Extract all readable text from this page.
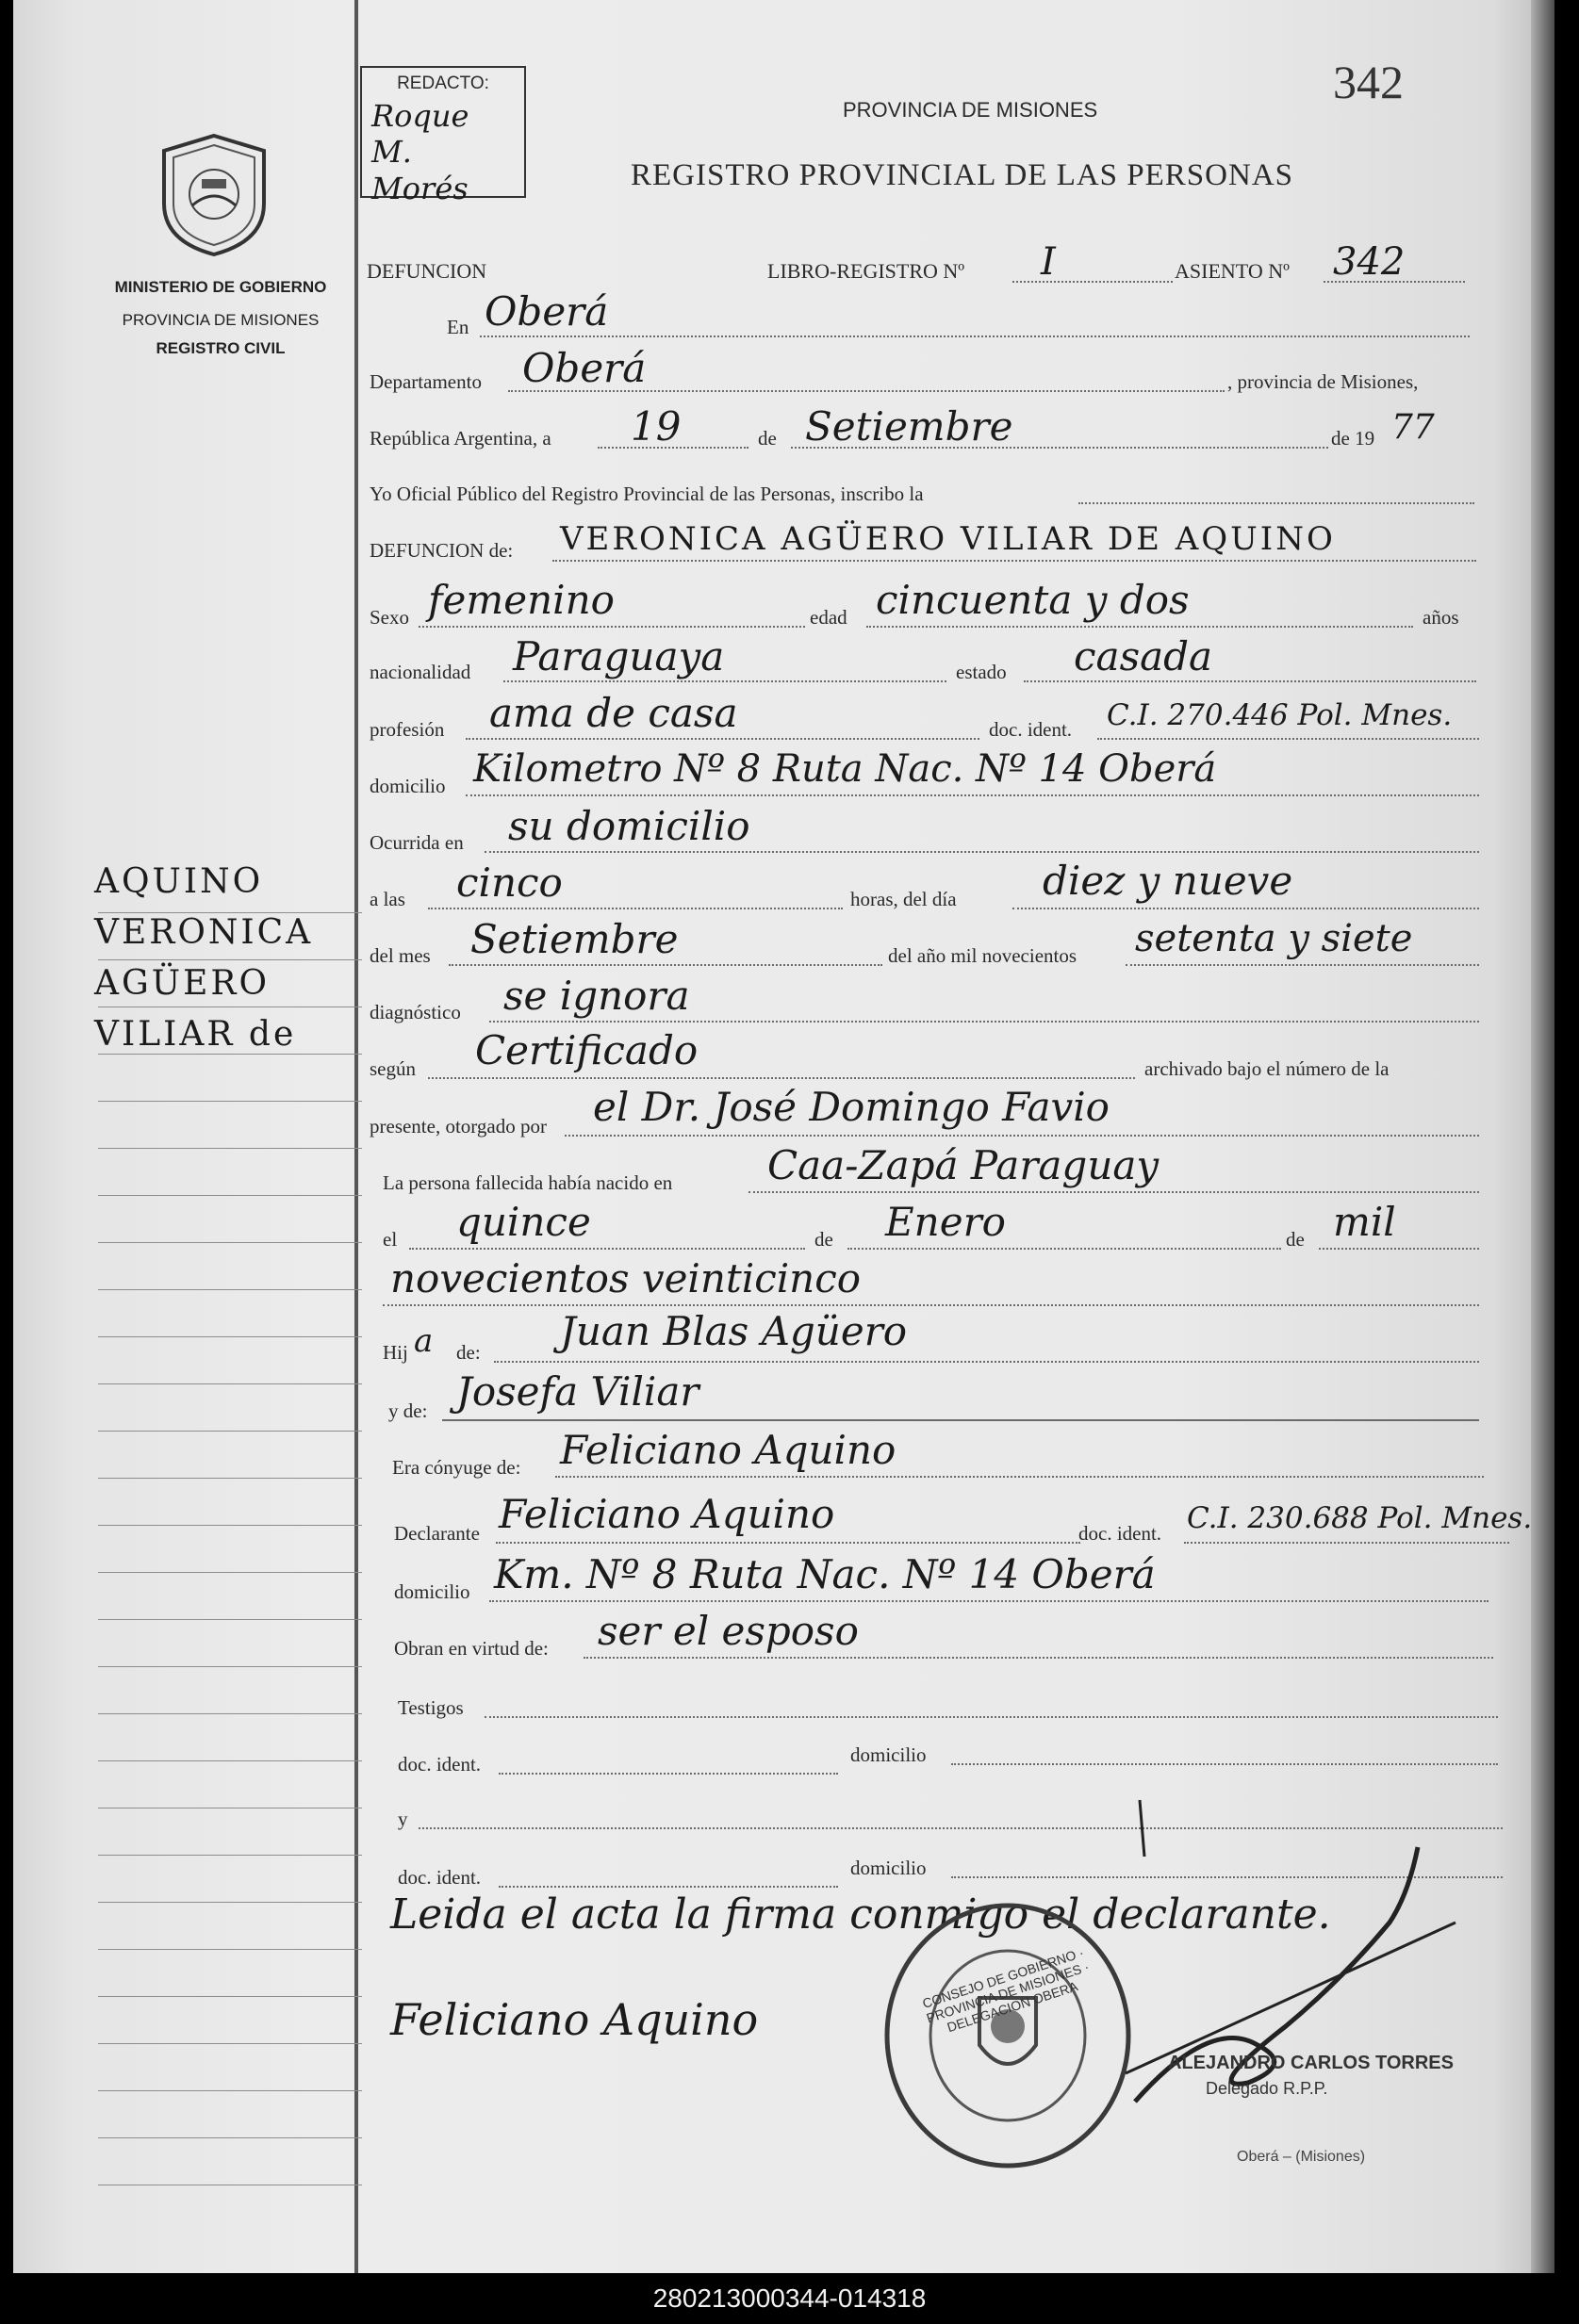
MINISTERIO DE GOBIERNO
PROVINCIA DE MISIONES
REGISTRO CIVIL
AQUINO
VERONICA
AGÜERO
VILIAR de
REDACTO:
Roque M. Morés
342
PROVINCIA DE MISIONES
REGISTRO PROVINCIAL DE LAS PERSONAS
DEFUNCION	LIBRO-REGISTRO Nº I	ASIENTO Nº 342
En Oberá
Departamento Oberá	, provincia de Misiones,
República Argentina, a 19	de Setiembre	de 19 77
Yo Oficial Público del Registro Provincial de las Personas, inscribo la
DEFUNCION de: VERONICA AGÜERO VILIAR DE AQUINO
Sexo femenino	edad cincuenta y dos	años
nacionalidad Paraguaya	estado casada
profesión ama de casa	doc. ident. C.I. 270.446 Pol. Mnes.
domicilio Kilometro Nº 8 Ruta Nac. Nº 14 Oberá
Ocurrida en su domicilio
a las cinco	horas, del día diez y nueve
del mes Setiembre	del año mil novecientos setenta y siete
diagnóstico se ignora
según Certificado	archivado bajo el número de la
presente, otorgado por el Dr. José Domingo Favio
La persona fallecida había nacido en Caa-Zapá Paraguay
el quince	de Enero	de mil
novecientos veinticinco
Hij a de: Juan Blas Agüero
y de: Josefa Viliar
Era cónyuge de: Feliciano Aquino
Declarante Feliciano Aquino	doc. ident. C.I. 230.688 Pol. Mnes.
domicilio Km. Nº 8 Ruta Nac. Nº 14 Oberá
Obran en virtud de: ser el esposo
Testigos
doc. ident.	domicilio
y
doc. ident.	domicilio
Leida el acta la firma conmigo el declarante.
Feliciano Aquino
CONSEJO DE GOBIERNO · PROVINCIA DE MISIONES · DELEGACION OBERA
ALEJANDRO CARLOS TORRES
Delegado R.P.P.
Oberá – (Misiones)
280213000344-014318
